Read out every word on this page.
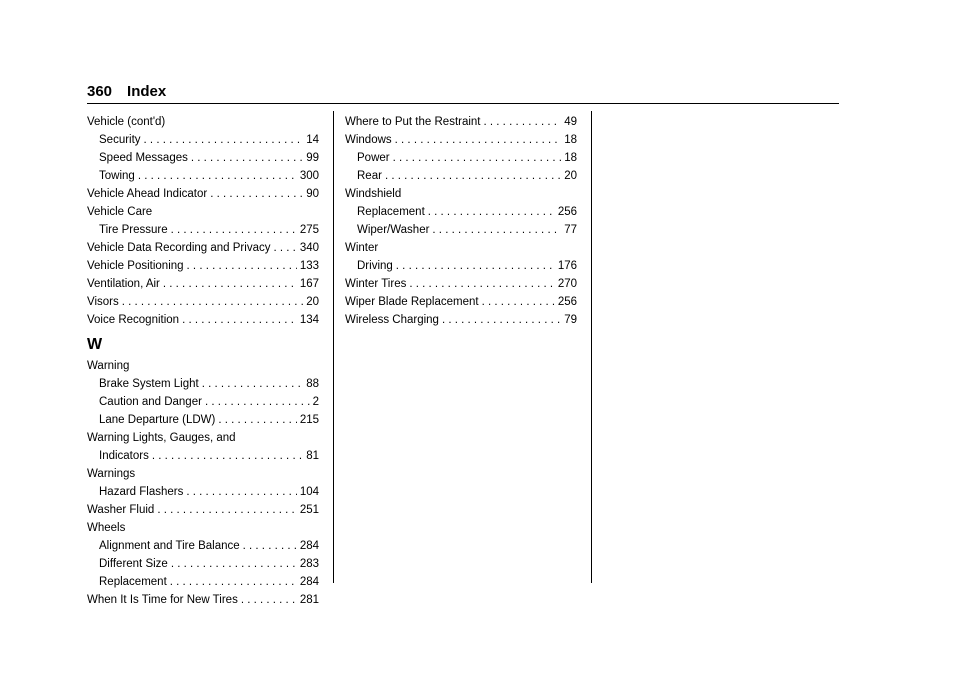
360 Index
Vehicle (cont'd)
Security . . .	14
Speed Messages . . .	99
Towing . . .	300
Vehicle Ahead Indicator . . .	90
Vehicle Care
Tire Pressure . . .	275
Vehicle Data Recording and Privacy . . .	340
Vehicle Positioning . . .	133
Ventilation, Air . . .	167
Visors . . .	20
Voice Recognition . . .	134
W
Warning
Brake System Light . . .	88
Caution and Danger . . .	2
Lane Departure (LDW) . . .	215
Warning Lights, Gauges, and
Indicators . . .	81
Warnings
Hazard Flashers . . .	104
Washer Fluid . . .	251
Wheels
Alignment and Tire Balance . . .	284
Different Size . . .	283
Replacement . . .	284
When It Is Time for New Tires . . .	281
Where to Put the Restraint . . .	49
Windows . . .	18
Power . . .	18
Rear . . .	20
Windshield
Replacement . . .	256
Wiper/Washer . . .	77
Winter
Driving . . .	176
Winter Tires . . .	270
Wiper Blade Replacement . . .	256
Wireless Charging . . .	79
